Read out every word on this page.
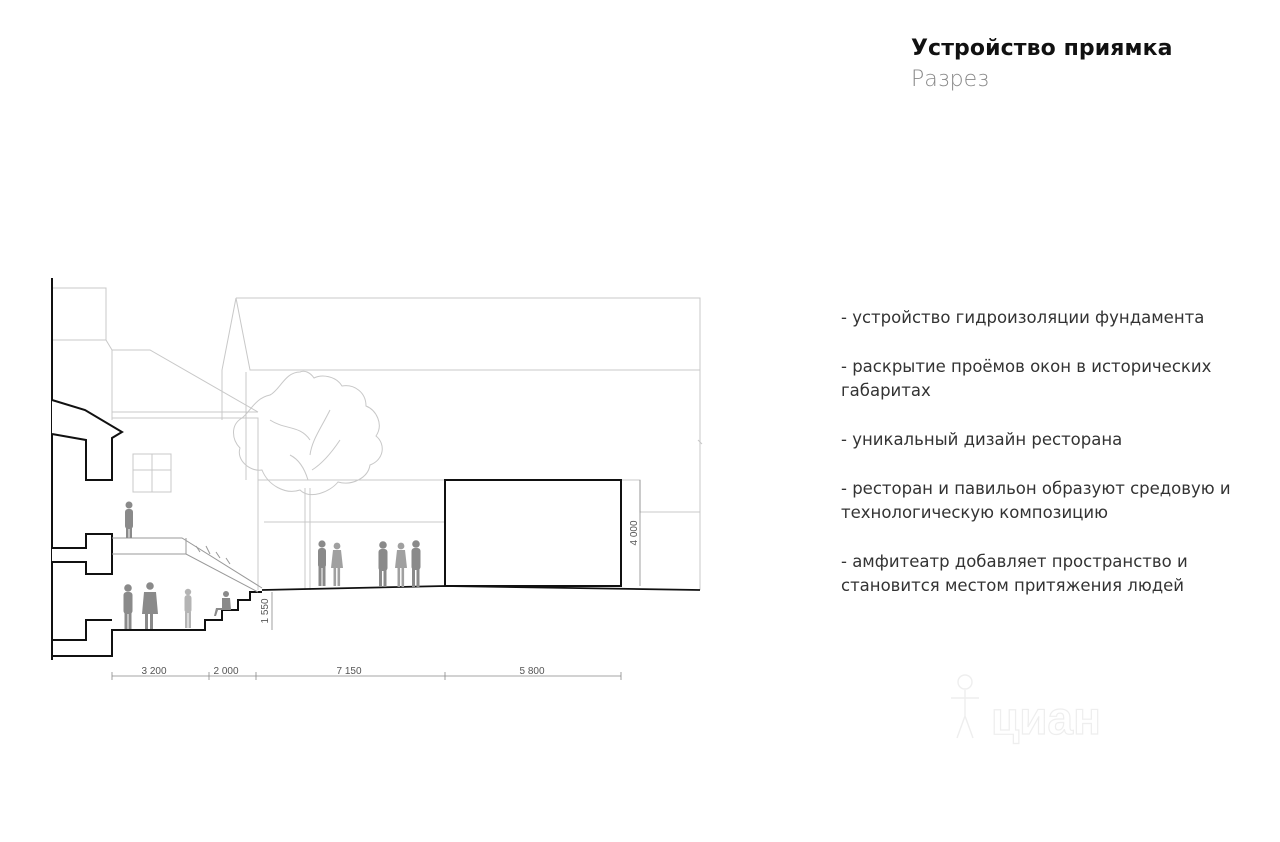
Устройство приямка
Разрез
- устройство гидроизоляции фундамента
- раскрытие проёмов окон в исторических габаритах
- уникальный дизайн ресторана
- ресторан и павильон образуют средовую и технологическую композицию
- амфитеатр добавляет пространство и становится местом притяжения людей
3 200	2 000	7 150	5 800
4 000
1 550
циан
